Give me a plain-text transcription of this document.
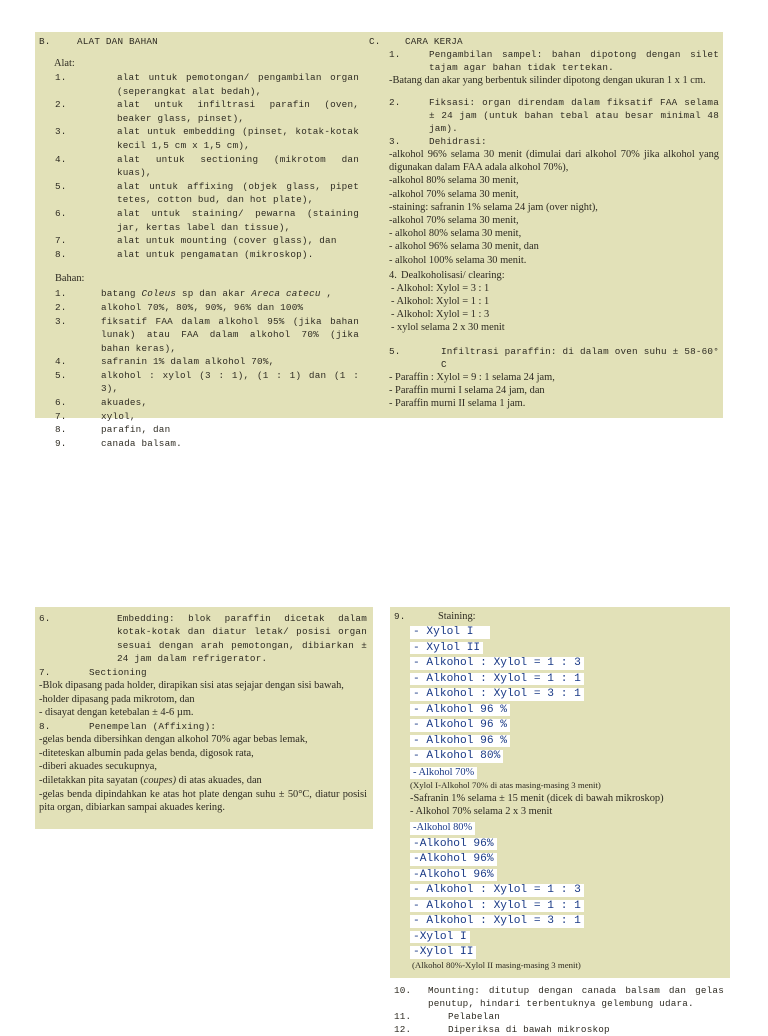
B.	ALAT DAN BAHAN
Alat:
1.	alat untuk pemotongan/ pengambilan organ (seperangkat alat bedah),
2.	alat untuk infiltrasi parafin (oven, beaker glass, pinset),
3.	alat untuk embedding (pinset, kotak-kotak kecil 1,5 cm x 1,5 cm),
4.	alat untuk sectioning (mikrotom dan kuas),
5.	alat untuk affixing (objek glass, pipet tetes, cotton bud, dan hot plate),
6.	alat untuk staining/ pewarna (staining jar, kertas label dan tissue),
7.	alat untuk mounting (cover glass), dan
8.	alat untuk pengamatan (mikroskop).
Bahan:
1.	batang Coleus sp dan akar Areca catecu ,
2.	alkohol 70%, 80%, 90%, 96% dan 100%
3.	fiksatif FAA dalam alkohol 95% (jika bahan lunak) atau FAA dalam alkohol 70% (jika bahan keras),
4.	safranin 1% dalam alkohol 70%,
5.	alkohol : xylol (3 : 1), (1 : 1) dan (1 : 3),
6.	akuades,
7.	xylol,
8.	parafin, dan
9.	canada balsam.
C.	CARA KERJA
1.	Pengambilan sampel: bahan dipotong dengan silet tajam agar bahan tidak tertekan.

-Batang dan akar yang berbentuk silinder dipotong dengan ukuran 1 x 1 cm.

2.	Fiksasi: organ direndam dalam fiksatif FAA selama ± 24 jam (untuk bahan tebal atau besar minimal 48 jam).
3.	Dehidrasi:

-alkohol 96% selama 30 menit (dimulai dari alkohol 70% jika alkohol yang digunakan dalam FAA adala alkohol 70%),

-alkohol 80% selama 30 menit,

-alkohol 70% selama 30 menit,

-staining: safranin 1% selama 24 jam (over night),

-alkohol 70% selama 30 menit,

- alkohol 80% selama 30 menit,

- alkohol 96% selama 30 menit, dan

- alkohol 100% selama 30 menit.

4. Dealkoholisasi/ clearing:

- Alkohol: Xylol = 3 : 1

- Alkohol: Xylol = 1 : 1

- Alkohol: Xylol = 1 : 3

- xylol selama 2 x 30 menit

5.	Infiltrasi paraffin: di dalam oven suhu ± 58-60° C

- Paraffin : Xylol = 9 : 1 selama 24 jam,

- Paraffin murni I selama 24 jam, dan

- Paraffin murni II selama 1 jam.

6.	Embedding: blok paraffin dicetak dalam kotak-kotak dan diatur letak/ posisi organ sesuai dengan arah pemotongan, dibiarkan ± 24 jam dalam refrigerator.
7.	Sectioning

-Blok dipasang pada holder, dirapikan sisi atas sejajar dengan sisi bawah,

-holder dipasang pada mikrotom, dan

- disayat dengan ketebalan ± 4-6 µm.

8.	Penempelan (Affixing):

-gelas benda dibersihkan dengan alkohol 70% agar bebas lemak,

-diteteskan albumin pada gelas benda, digosok rata,

-diberi akuades secukupnya,

-diletakkan pita sayatan (coupes) di atas akuades, dan

-gelas benda dipindahkan ke atas hot plate dengan suhu ± 50°C, diatur posisi pita organ, dibiarkan sampai akuades kering.

9.	Staining:
- Xylol I
- Xylol II
- Alkohol : Xylol = 1 : 3
- Alkohol : Xylol = 1 : 1
- Alkohol : Xylol = 3 : 1
- Alkohol 96 %
- Alkohol 96 %
- Alkohol 96 %
- Alkohol 80%
- Alkohol 70%

(Xylol I-Alkohol 70% di atas masing-masing 3 menit)

-Safranin 1% selama ± 15 menit (dicek di bawah mikroskop)

- Alkohol 70% selama 2 x 3 menit

-Alkohol 80%
-Alkohol 96%
-Alkohol 96%
-Alkohol 96%
- Alkohol : Xylol = 1 : 3
- Alkohol : Xylol = 1 : 1
- Alkohol : Xylol = 3 : 1
-Xylol I
-Xylol II

(Alkohol 80%-Xylol II masing-masing 3 menit)

10.	Mounting: ditutup dengan canada balsam dan gelas penutup, hindari terbentuknya gelembung udara.
11.	Pelabelan
12.	Diperiksa di bawah mikroskop
